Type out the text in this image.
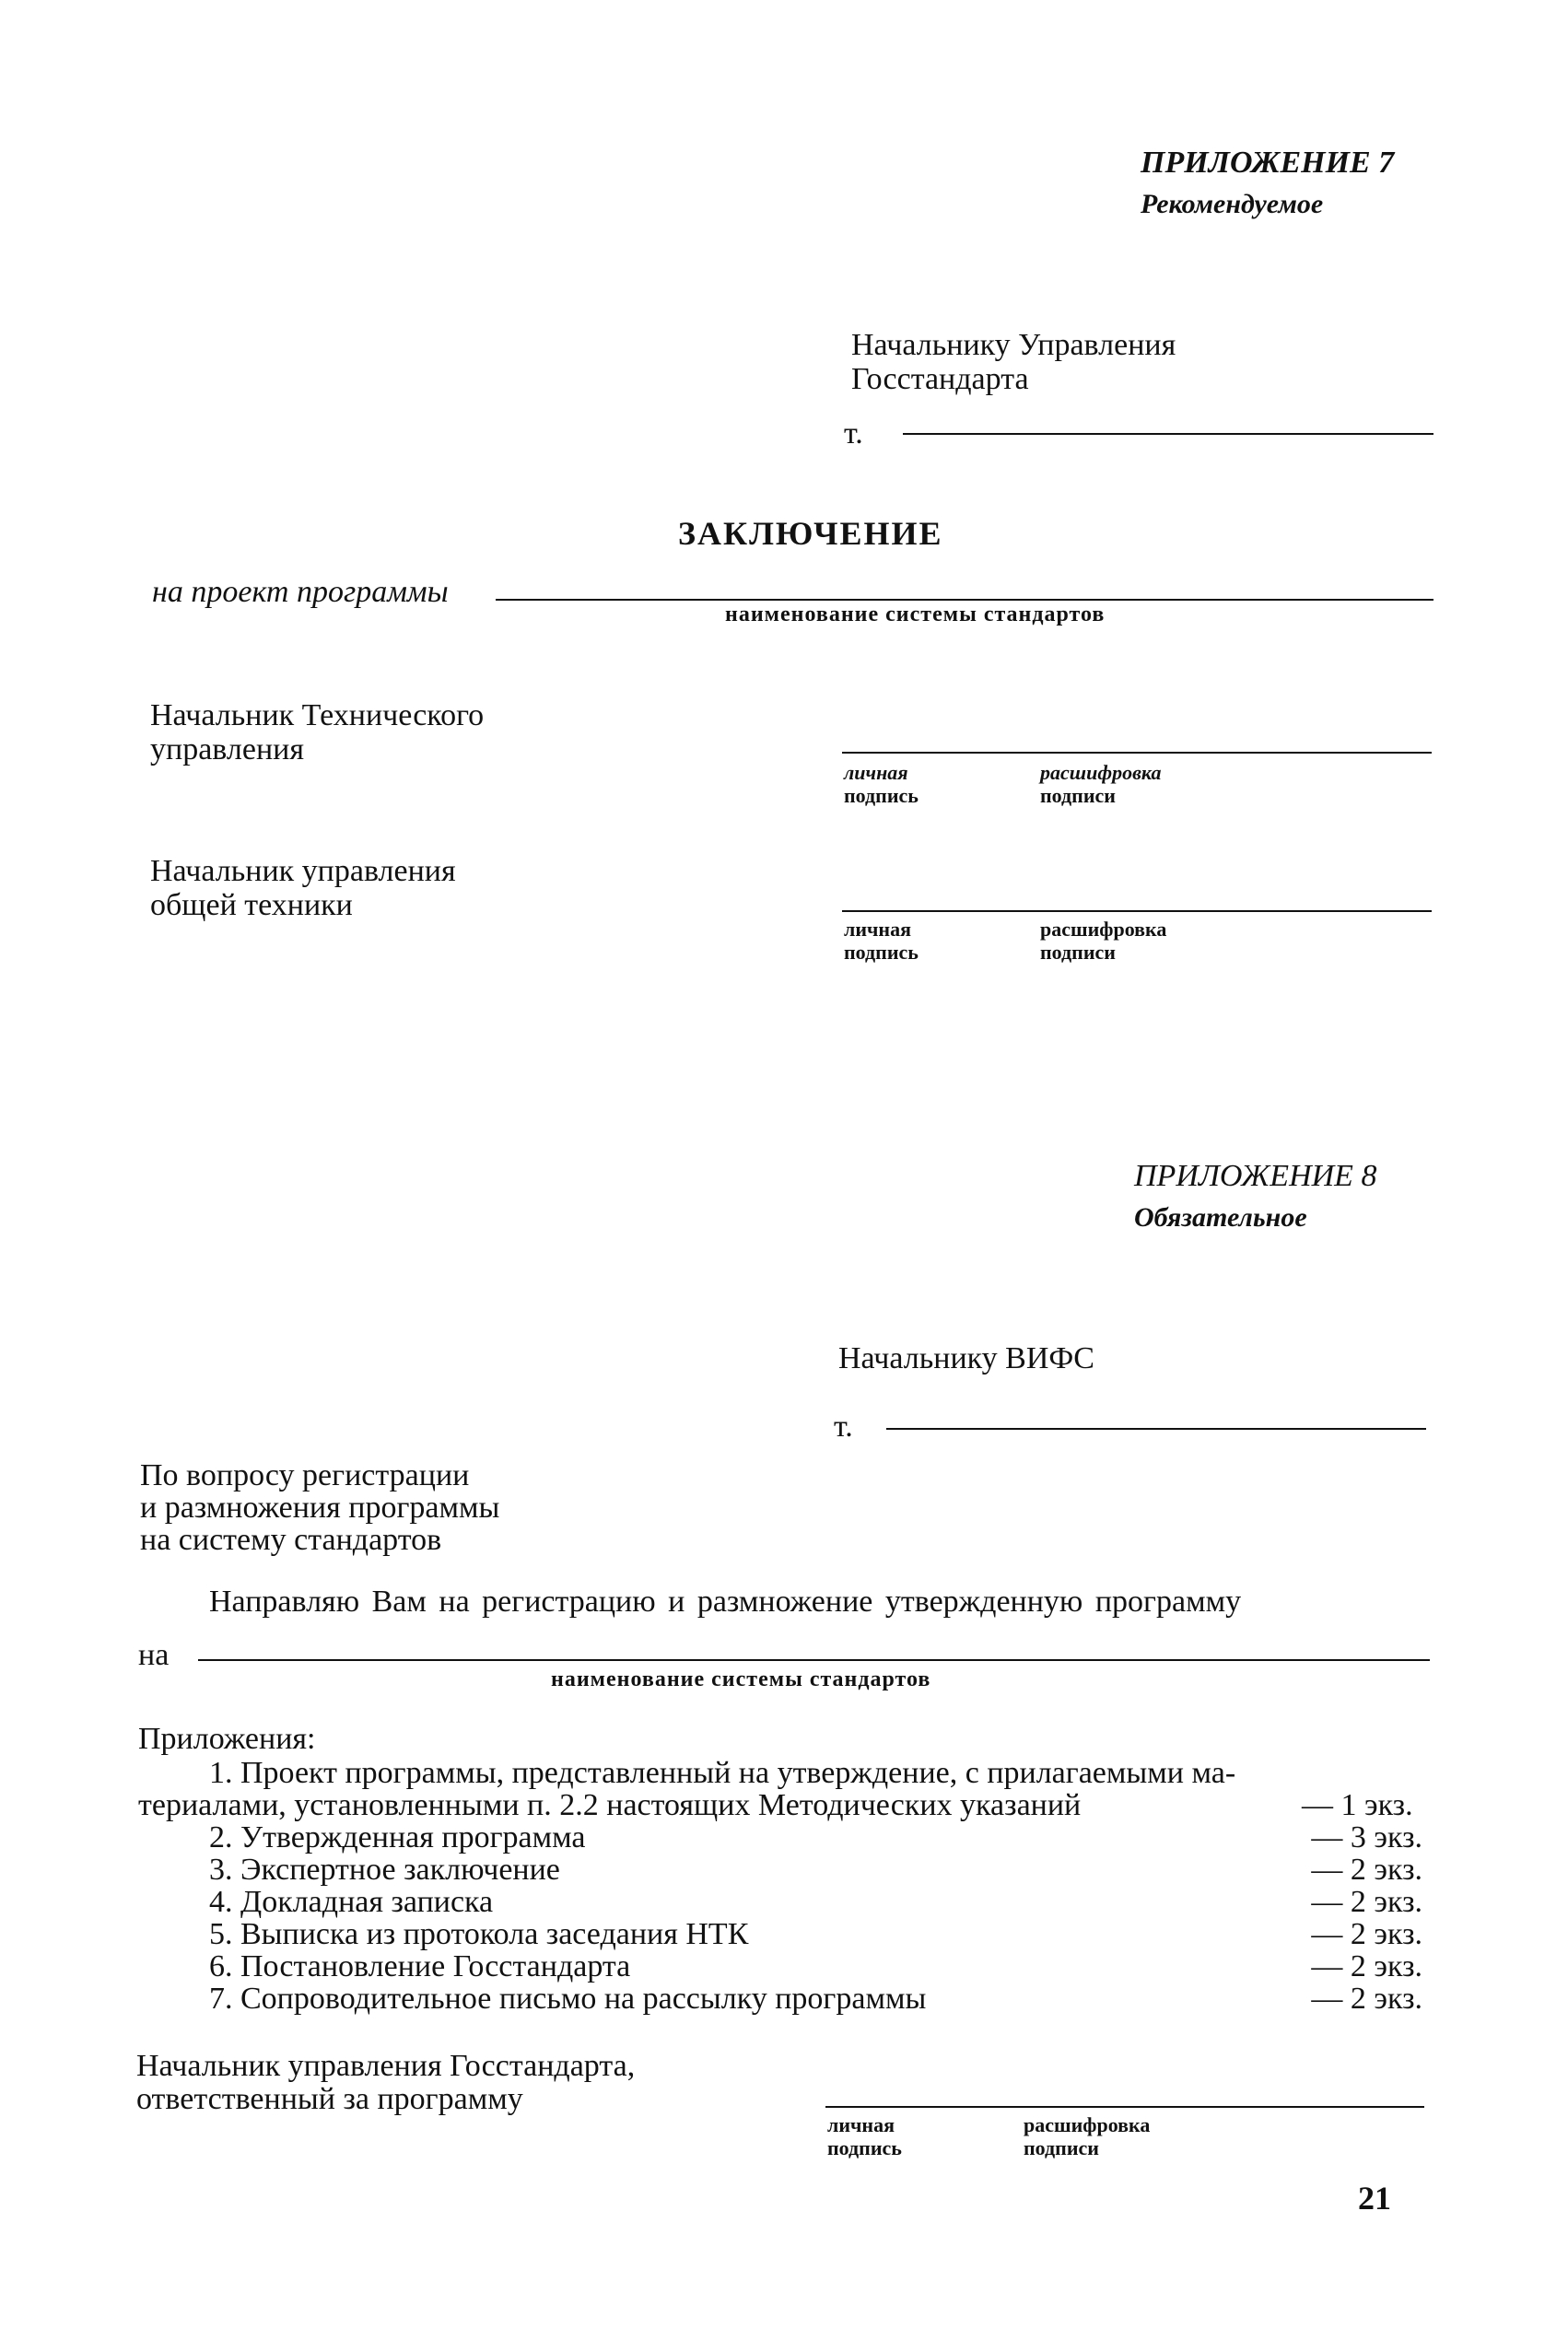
ПРИЛОЖЕНИЕ 7
Рекомендуемое
Начальнику Управления
Госстандарта
т.
ЗАКЛЮЧЕНИЕ
на проект программы
наименование системы стандартов
Начальник Технического
управления
личная
подпись
расшифровка
подписи
Начальник управления
общей техники
личная
подпись
расшифровка
подписи
ПРИЛОЖЕНИЕ 8
Обязательное
Начальнику ВИФС
т.
По вопросу регистрации
и размножения программы
на систему стандартов
Направляю Вам на регистрацию и размножение утвержденную программу
на
наименование системы стандартов
Приложения:
1. Проект программы, представленный на утверждение, с прилагаемыми ма-
териалами, установленными п. 2.2 настоящих Методических указаний	— 1 экз.
2. Утвержденная программа	— 3 экз.
3. Экспертное заключение	— 2 экз.
4. Докладная записка	— 2 экз.
5. Выписка из протокола заседания НТК	— 2 экз.
6. Постановление Госстандарта	— 2 экз.
7. Сопроводительное письмо на рассылку программы	— 2 экз.
Начальник управления Госстандарта,
ответственный за программу
личная
подпись
расшифровка
подписи
21
